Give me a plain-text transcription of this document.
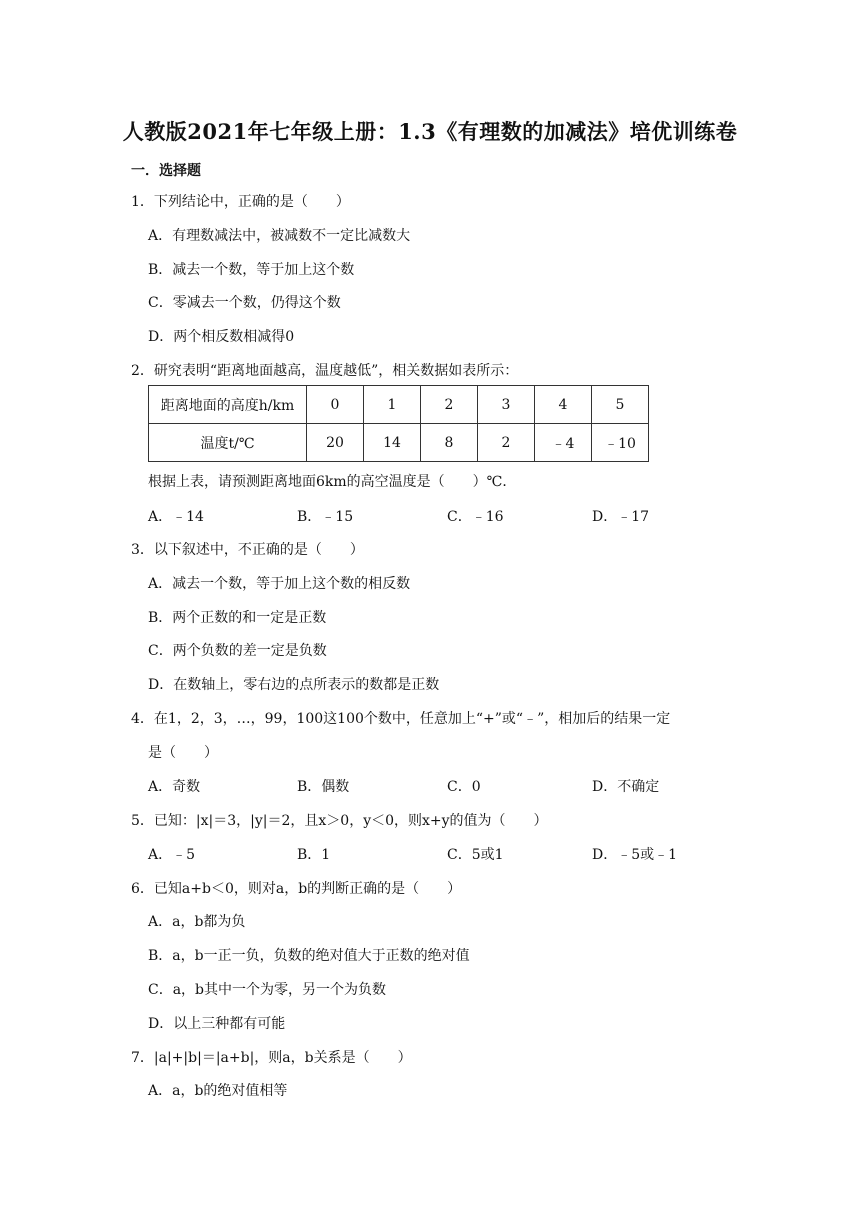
人教版2021年七年级上册：1.3《有理数的加减法》培优训练卷
一．选择题
1．下列结论中，正确的是（　　）
A．有理数减法中，被减数不一定比减数大
B．减去一个数，等于加上这个数
C．零减去一个数，仍得这个数
D．两个相反数相减得0
2．研究表明“距离地面越高，温度越低”，相关数据如表所示：
距离地面的高度h/km	0	1	2	3	4	5
温度t/℃	20	14	8	2	﹣4	﹣10
根据上表，请预测距离地面6km的高空温度是（　　）℃．
A．﹣14	B．﹣15	C．﹣16	D．﹣17
3．以下叙述中，不正确的是（　　）
A．减去一个数，等于加上这个数的相反数
B．两个正数的和一定是正数
C．两个负数的差一定是负数
D．在数轴上，零右边的点所表示的数都是正数
4．在1，2，3，…，99，100这100个数中，任意加上“+”或“﹣”，相加后的结果一定
是（　　）
A．奇数	B．偶数	C．0	D．不确定
5．已知：|x|＝3，|y|＝2，且x＞0，y＜0，则x+y的值为（　　）
A．﹣5	B．1	C．5或1	D．﹣5或﹣1
6．已知a+b＜0，则对a，b的判断正确的是（　　）
A．a，b都为负
B．a，b一正一负，负数的绝对值大于正数的绝对值
C．a，b其中一个为零，另一个为负数
D．以上三种都有可能
7．|a|+|b|＝|a+b|，则a，b关系是（　　）
A．a，b的绝对值相等
